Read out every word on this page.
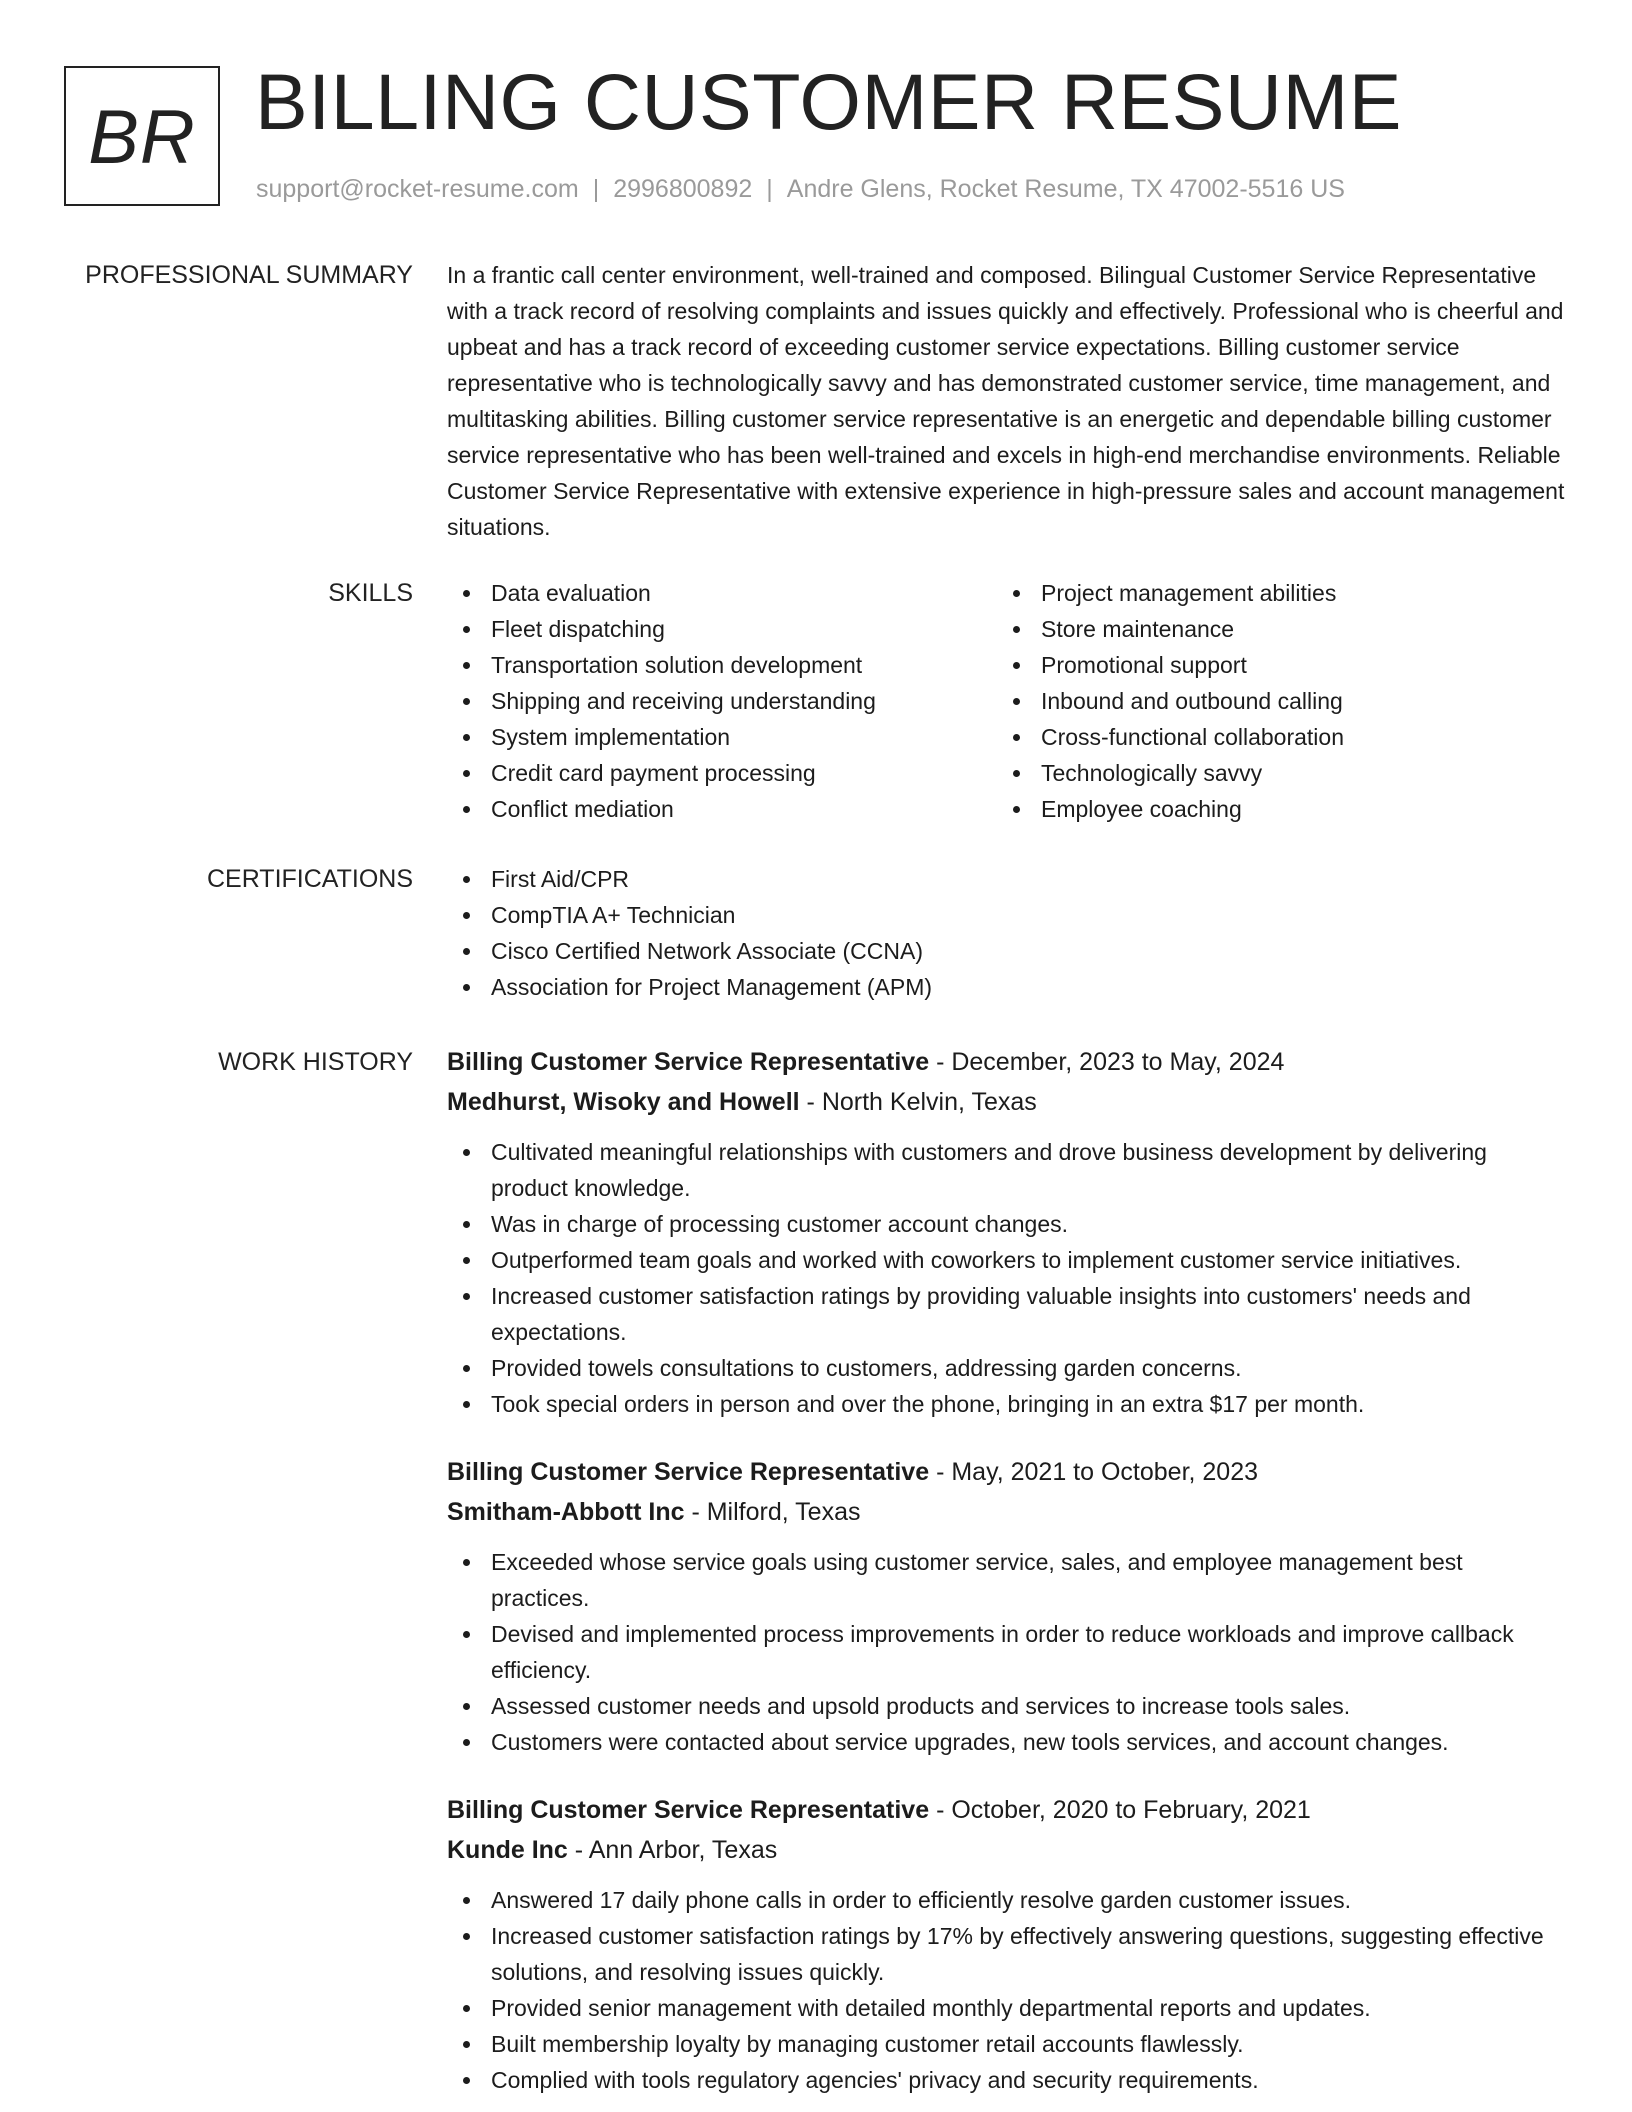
BR BILLING CUSTOMER RESUME
support@rocket-resume.com | 2996800892 | Andre Glens, Rocket Resume, TX 47002-5516 US
PROFESSIONAL SUMMARY In a frantic call center environment, well-trained and composed. Bilingual Customer Service Representative with a track record of resolving complaints and issues quickly and effectively. Professional who is cheerful and upbeat and has a track record of exceeding customer service expectations. Billing customer service representative who is technologically savvy and has demonstrated customer service, time management, and multitasking abilities. Billing customer service representative is an energetic and dependable billing customer service representative who has been well-trained and excels in high-end merchandise environments. Reliable Customer Service Representative with extensive experience in high-pressure sales and account management situations.

SKILLS	Data evaluation
Fleet dispatching
Transportation solution development
Shipping and receiving understanding
System implementation
Credit card payment processing
Conflict mediation
Project management abilities
Store maintenance
Promotional support
Inbound and outbound calling
Cross-functional collaboration
Technologically savvy
Employee coaching
CERTIFICATIONS	First Aid/CPR
CompTIA A+ Technician
Cisco Certified Network Associate (CCNA)
Association for Project Management (APM)
WORK HISTORY Billing Customer Service Representative - December, 2023 to May, 2024

Medhurst, Wisoky and Howell - North Kelvin, Texas

Cultivated meaningful relationships with customers and drove business development by delivering product knowledge.
Was in charge of processing customer account changes.
Outperformed team goals and worked with coworkers to implement customer service initiatives.
Increased customer satisfaction ratings by providing valuable insights into customers' needs and expectations.
Provided towels consultations to customers, addressing garden concerns.
Took special orders in person and over the phone, bringing in an extra $17 per month.

Billing Customer Service Representative - May, 2021 to October, 2023

Smitham-Abbott Inc - Milford, Texas

Exceeded whose service goals using customer service, sales, and employee management best practices.
Devised and implemented process improvements in order to reduce workloads and improve callback efficiency.
Assessed customer needs and upsold products and services to increase tools sales.
Customers were contacted about service upgrades, new tools services, and account changes.

Billing Customer Service Representative - October, 2020 to February, 2021

Kunde Inc - Ann Arbor, Texas

Answered 17 daily phone calls in order to efficiently resolve garden customer issues.
Increased customer satisfaction ratings by 17% by effectively answering questions, suggesting effective solutions, and resolving issues quickly.
Provided senior management with detailed monthly departmental reports and updates.
Built membership loyalty by managing customer retail accounts flawlessly.
Complied with tools regulatory agencies' privacy and security requirements.
